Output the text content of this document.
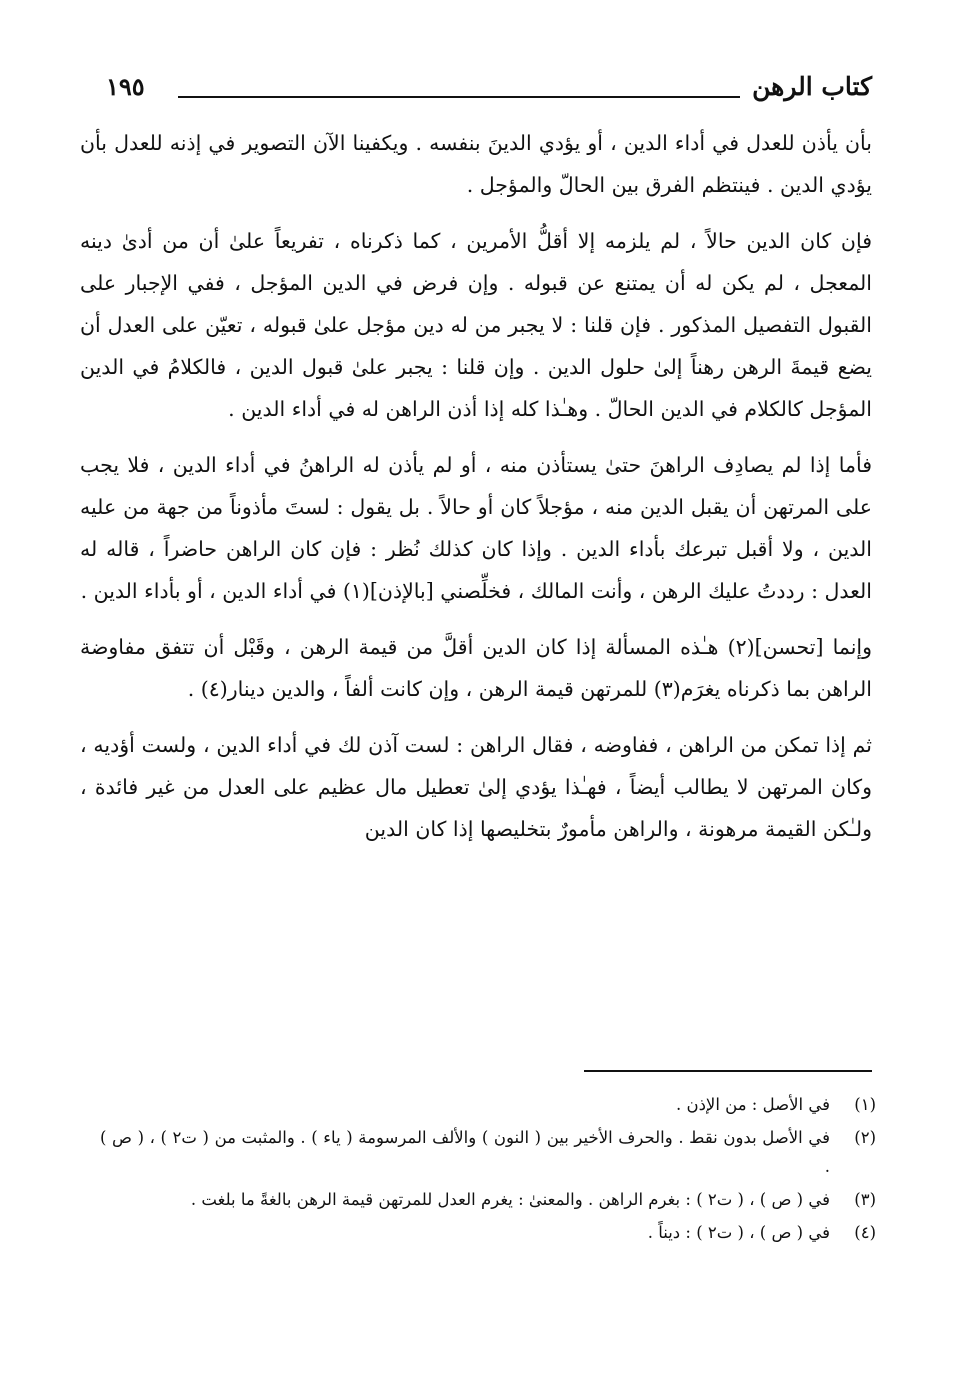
كتاب الرهن
١٩٥

بأن يأذن للعدل في أداء الدين ، أو يؤدي الدينَ بنفسه . ويكفينا الآن التصوير في إذنه للعدل بأن يؤدي الدين . فينتظم الفرق بين الحالّ والمؤجل .

فإن كان الدين حالاً ، لم يلزمه إلا أقلُّ الأمرين ، كما ذكرناه ، تفريعاً علىٰ أن من أدىٰ دينه المعجل ، لم يكن له أن يمتنع عن قبوله . وإن فرض في الدين المؤجل ، ففي الإجبار على القبول التفصيل المذكور . فإن قلنا : لا يجبر من له دين مؤجل علىٰ قبوله ، تعيّن على العدل أن يضع قيمةَ الرهن رهناً إلىٰ حلول الدين . وإن قلنا : يجبر علىٰ قبول الدين ، فالكلامُ في الدين المؤجل كالكلام في الدين الحالّ . وهـٰذا كله إذا أذن الراهن له في أداء الدين .

فأما إذا لم يصادِف الراهنَ حتىٰ يستأذن منه ، أو لم يأذن له الراهنُ في أداء الدين ، فلا يجب على المرتهن أن يقبل الدين منه ، مؤجلاً كان أو حالاً . بل يقول : لستَ مأذوناً من جهة من عليه الدين ، ولا أقبل تبرعك بأداء الدين . وإذا كان كذلك نُظر : فإن كان الراهن حاضراً ، قاله له العدل : رددتُ عليك الرهن ، وأنت المالك ، فخلِّصني [بالإذن](١) في أداء الدين ، أو بأداء الدين .

وإنما [تحسن](٢) هـٰذه المسألة إذا كان الدين أقلَّ من قيمة الرهن ، وقَبْل أن تتفق مفاوضة الراهن بما ذكرناه يغرَم(٣) للمرتهن قيمة الرهن ، وإن كانت ألفاً ، والدين دينار(٤) .

ثم إذا تمكن من الراهن ، ففاوضه ، فقال الراهن : لست آذن لك في أداء الدين ، ولست أؤديه ، وكان المرتهن لا يطالب أيضاً ، فهـٰذا يؤدي إلىٰ تعطيل مال عظيم على العدل من غير فائدة ، ولـٰكن القيمة مرهونة ، والراهن مأمورٌ بتخليصها إذا كان الدين

(١)
في الأصل : من الإذن .
(٢)
في الأصل بدون نقط . والحرف الأخير بين ( النون ) والألف المرسومة ( ياء ) . والمثبت من ( ت٢ ) ، ( ص ) .
(٣)
في ( ص ) ، ( ت٢ ) : بغرم الراهن . والمعنىٰ : يغرم العدل للمرتهن قيمة الرهن بالغةً ما بلغت .
(٤)
في ( ص ) ، ( ت٢ ) : ديناً .
